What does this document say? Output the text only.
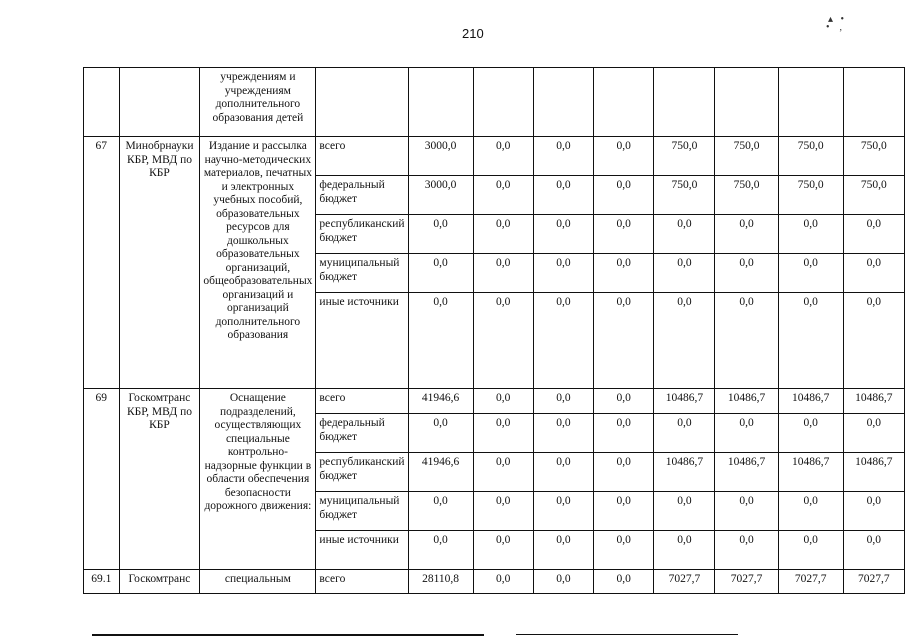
210
▴   •
•    ,
		учреждениям и учреждениям дополнительного образования детей									
67	Минобрнауки КБР, МВД по КБР	Издание и рассылка научно-методических материалов, печатных и электронных учебных пособий, образовательных ресурсов для дошкольных образовательных организаций, общеобразовательных организаций и организаций дополнительного образования	всего	3000,0	0,0	0,0	0,0	750,0	750,0	750,0	750,0
			федеральный бюджет	3000,0	0,0	0,0	0,0	750,0	750,0	750,0	750,0
			республиканский бюджет	0,0	0,0	0,0	0,0	0,0	0,0	0,0	0,0
			муниципальный бюджет	0,0	0,0	0,0	0,0	0,0	0,0	0,0	0,0
			иные источники	0,0	0,0	0,0	0,0	0,0	0,0	0,0	0,0
69	Госкомтранс КБР, МВД по КБР	Оснащение подразделений, осуществляющих специальные контрольно-надзорные функции в области обеспечения безопасности дорожного движения:	всего	41946,6	0,0	0,0	0,0	10486,7	10486,7	10486,7	10486,7
			федеральный бюджет	0,0	0,0	0,0	0,0	0,0	0,0	0,0	0,0
			республиканский бюджет	41946,6	0,0	0,0	0,0	10486,7	10486,7	10486,7	10486,7
			муниципальный бюджет	0,0	0,0	0,0	0,0	0,0	0,0	0,0	0,0
			иные источники	0,0	0,0	0,0	0,0	0,0	0,0	0,0	0,0
69.1	Госкомтранс	специальным	всего	28110,8	0,0	0,0	0,0	7027,7	7027,7	7027,7	7027,7
